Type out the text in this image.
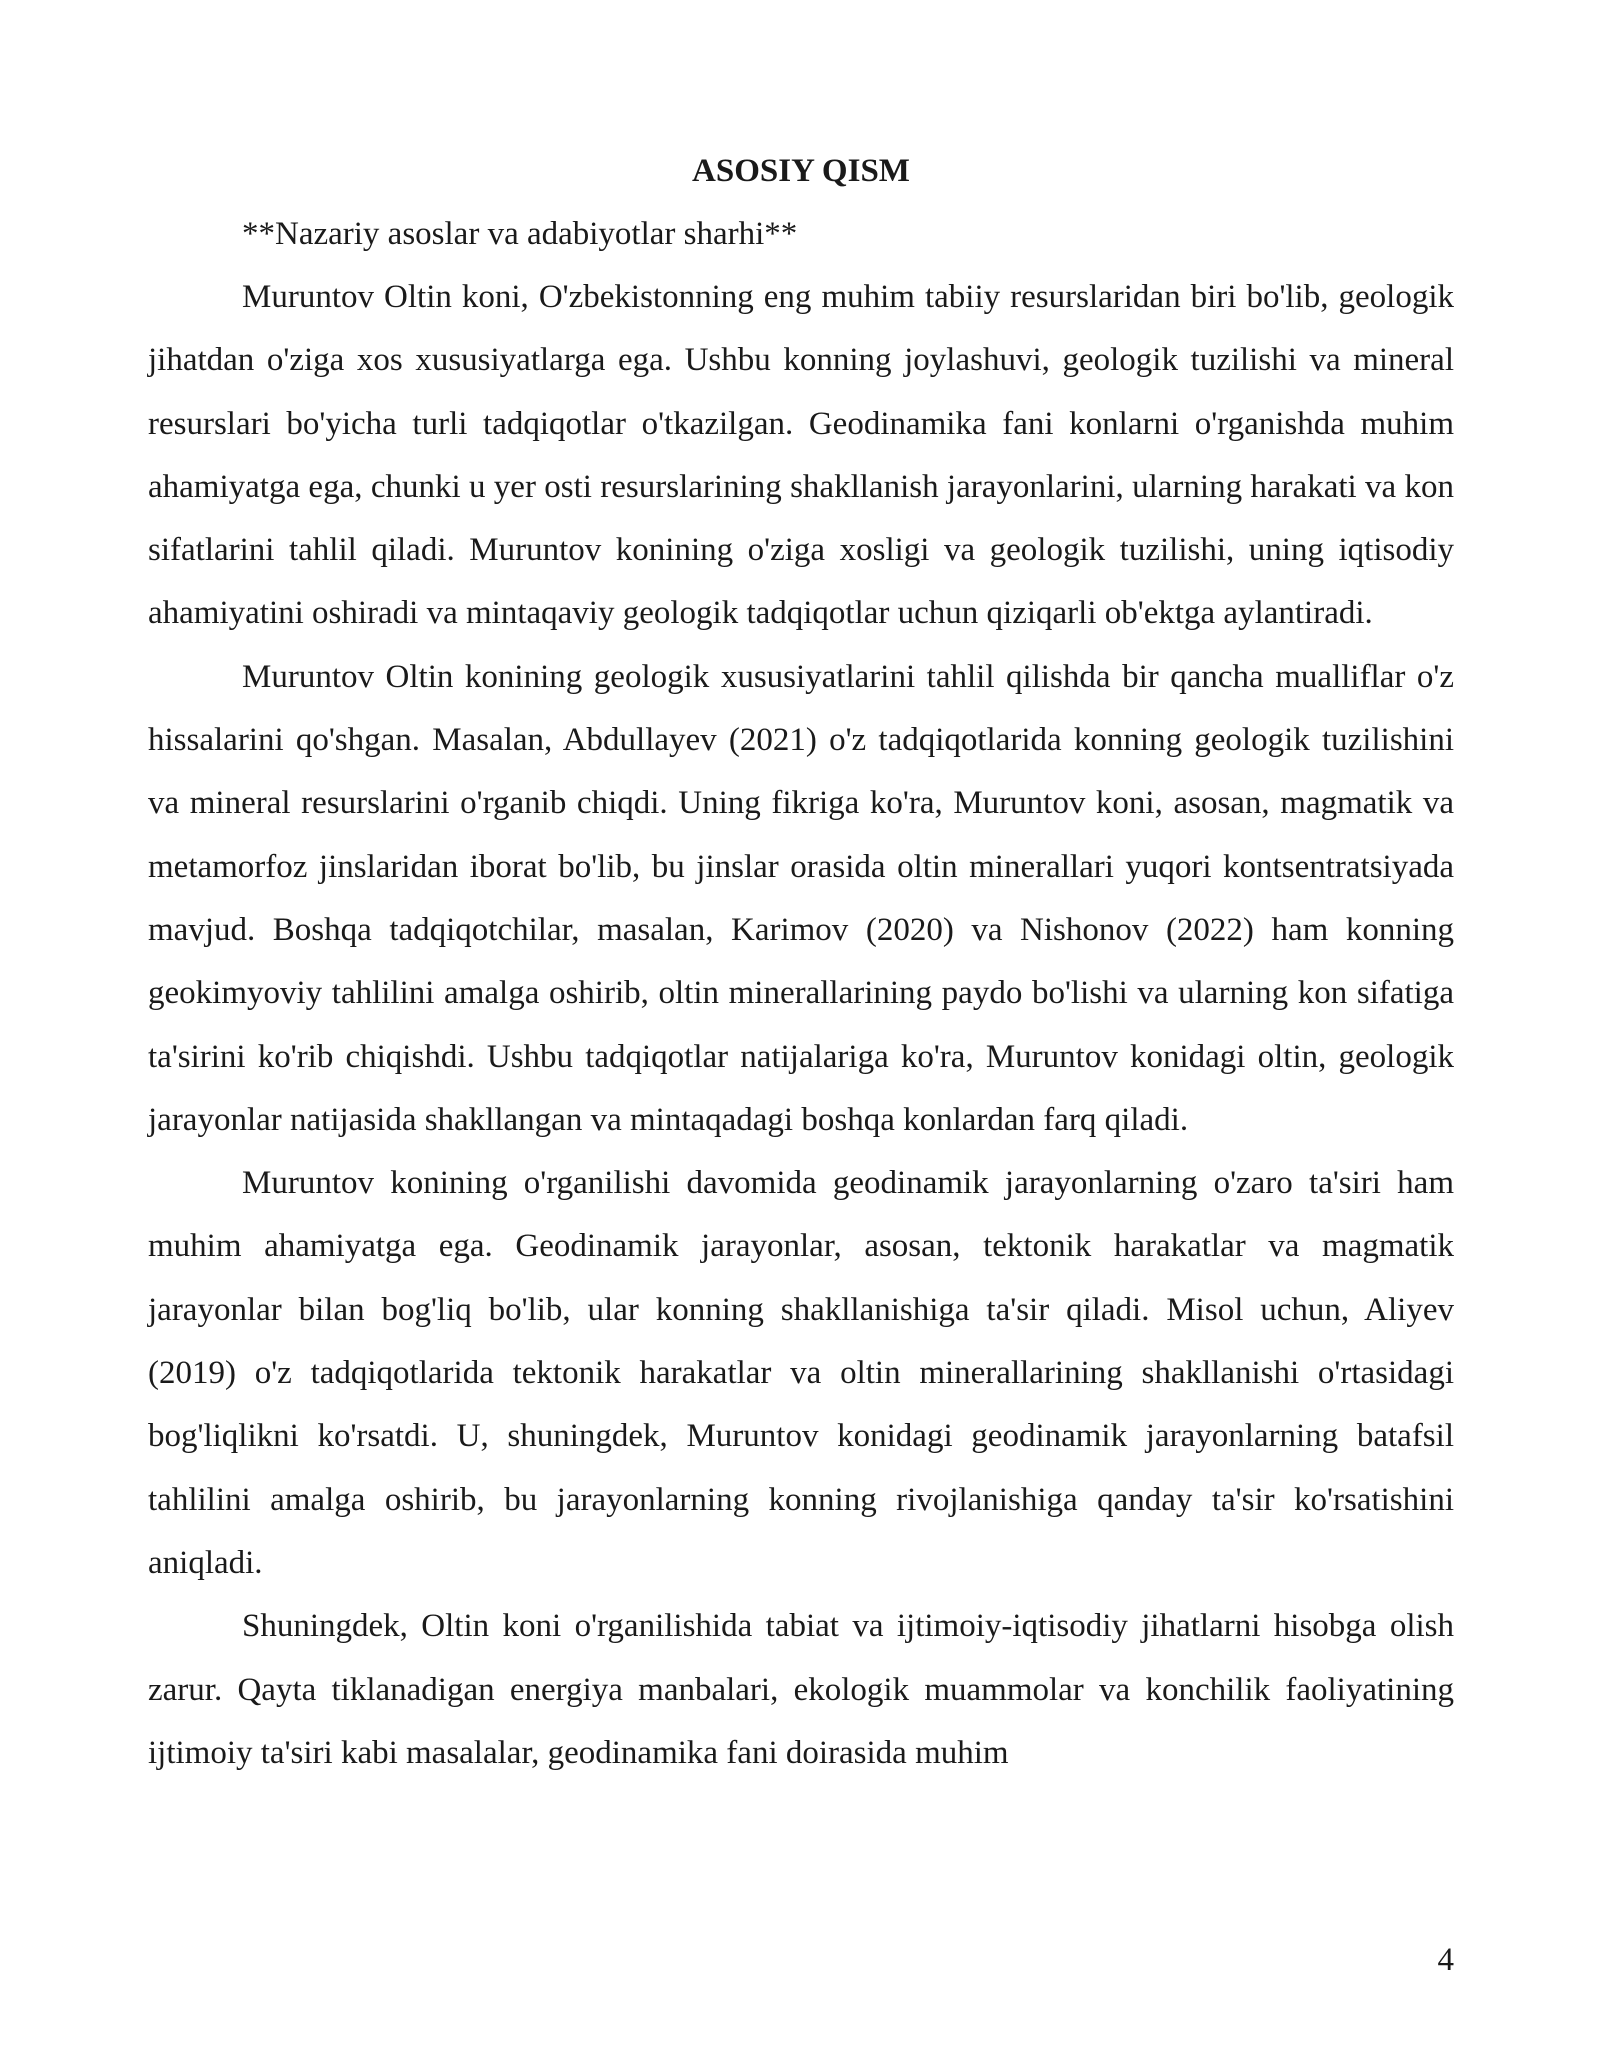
ASOSIY QISM

**Nazariy asoslar va adabiyotlar sharhi**

Muruntov Oltin koni, O'zbekistonning eng muhim tabiiy resurslaridan biri bo'lib, geologik jihatdan o'ziga xos xususiyatlarga ega. Ushbu konning joylashuvi, geologik tuzilishi va mineral resurslari bo'yicha turli tadqiqotlar o'tkazilgan. Geodinamika fani konlarni o'rganishda muhim ahamiyatga ega, chunki u yer osti resurslarining shakllanish jarayonlarini, ularning harakati va kon sifatlarini tahlil qiladi. Muruntov konining o'ziga xosligi va geologik tuzilishi, uning iqtisodiy ahamiyatini oshiradi va mintaqaviy geologik tadqiqotlar uchun qiziqarli ob'ektga aylantiradi.

Muruntov Oltin konining geologik xususiyatlarini tahlil qilishda bir qancha mualliflar o'z hissalarini qo'shgan. Masalan, Abdullayev (2021) o'z tadqiqotlarida konning geologik tuzilishini va mineral resurslarini o'rganib chiqdi. Uning fikriga ko'ra, Muruntov koni, asosan, magmatik va metamorfoz jinslaridan iborat bo'lib, bu jinslar orasida oltin minerallari yuqori kontsentratsiyada mavjud. Boshqa tadqiqotchilar, masalan, Karimov (2020) va Nishonov (2022) ham konning geokimyoviy tahlilini amalga oshirib, oltin minerallarining paydo bo'lishi va ularning kon sifatiga ta'sirini ko'rib chiqishdi. Ushbu tadqiqotlar natijalariga ko'ra, Muruntov konidagi oltin, geologik jarayonlar natijasida shakllangan va mintaqadagi boshqa konlardan farq qiladi.

Muruntov konining o'rganilishi davomida geodinamik jarayonlarning o'zaro ta'siri ham muhim ahamiyatga ega. Geodinamik jarayonlar, asosan, tektonik harakatlar va magmatik jarayonlar bilan bog'liq bo'lib, ular konning shakllanishiga ta'sir qiladi. Misol uchun, Aliyev (2019) o'z tadqiqotlarida tektonik harakatlar va oltin minerallarining shakllanishi o'rtasidagi bog'liqlikni ko'rsatdi. U, shuningdek, Muruntov konidagi geodinamik jarayonlarning batafsil tahlilini amalga oshirib, bu jarayonlarning konning rivojlanishiga qanday ta'sir ko'rsatishini aniqladi.

Shuningdek, Oltin koni o'rganilishida tabiat va ijtimoiy-iqtisodiy jihatlarni hisobga olish zarur. Qayta tiklanadigan energiya manbalari, ekologik muammolar va konchilik faoliyatining ijtimoiy ta'siri kabi masalalar, geodinamika fani doirasida muhim

4
